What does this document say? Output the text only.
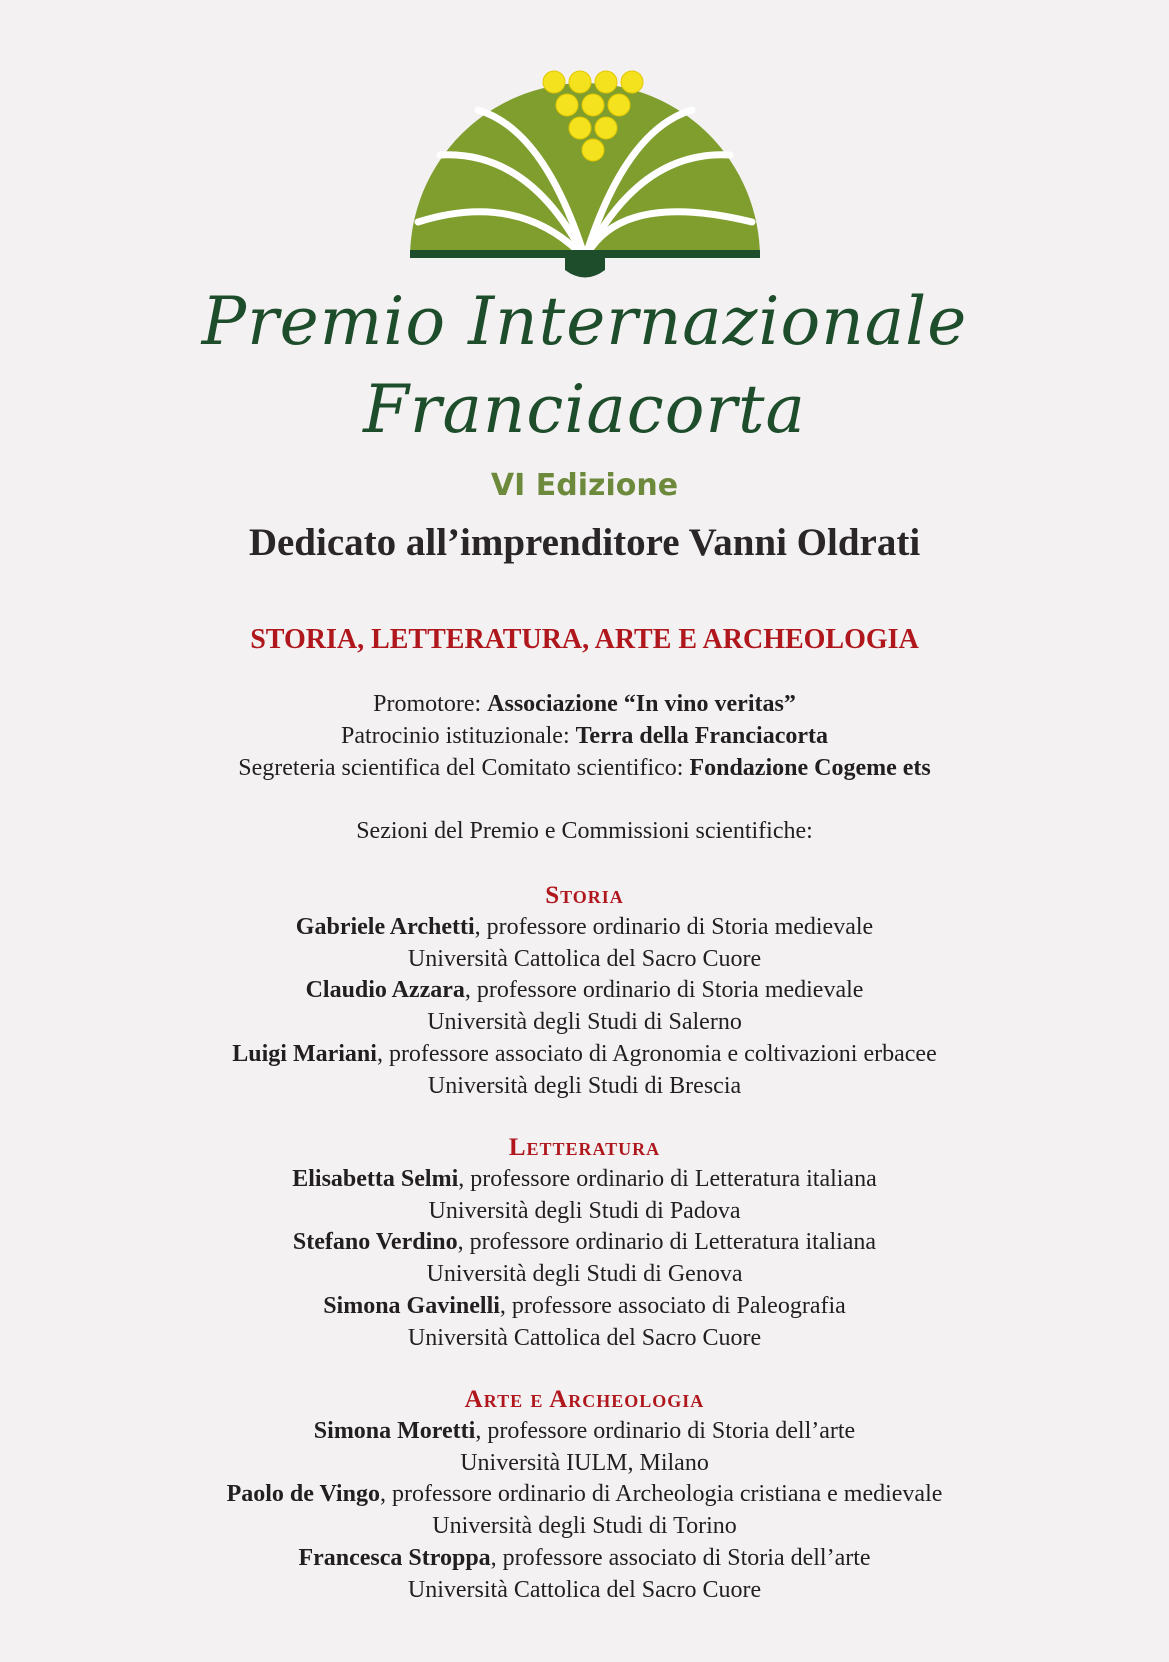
Premio Internazionale
Franciacorta
VI Edizione
Dedicato all’imprenditore Vanni Oldrati
STORIA, LETTERATURA, ARTE E ARCHEOLOGIA
Promotore: Associazione “In vino veritas”
Patrocinio istituzionale: Terra della Franciacorta
Segreteria scientifica del Comitato scientifico: Fondazione Cogeme ets
Sezioni del Premio e Commissioni scientifiche:
Storia
Gabriele Archetti, professore ordinario di Storia medievale
Università Cattolica del Sacro Cuore
Claudio Azzara, professore ordinario di Storia medievale
Università degli Studi di Salerno
Luigi Mariani, professore associato di Agronomia e coltivazioni erbacee
Università degli Studi di Brescia
Letteratura
Elisabetta Selmi, professore ordinario di Letteratura italiana
Università degli Studi di Padova
Stefano Verdino, professore ordinario di Letteratura italiana
Università degli Studi di Genova
Simona Gavinelli, professore associato di Paleografia
Università Cattolica del Sacro Cuore
Arte e Archeologia
Simona Moretti, professore ordinario di Storia dell’arte
Università IULM, Milano
Paolo de Vingo, professore ordinario di Archeologia cristiana e medievale
Università degli Studi di Torino
Francesca Stroppa, professore associato di Storia dell’arte
Università Cattolica del Sacro Cuore
